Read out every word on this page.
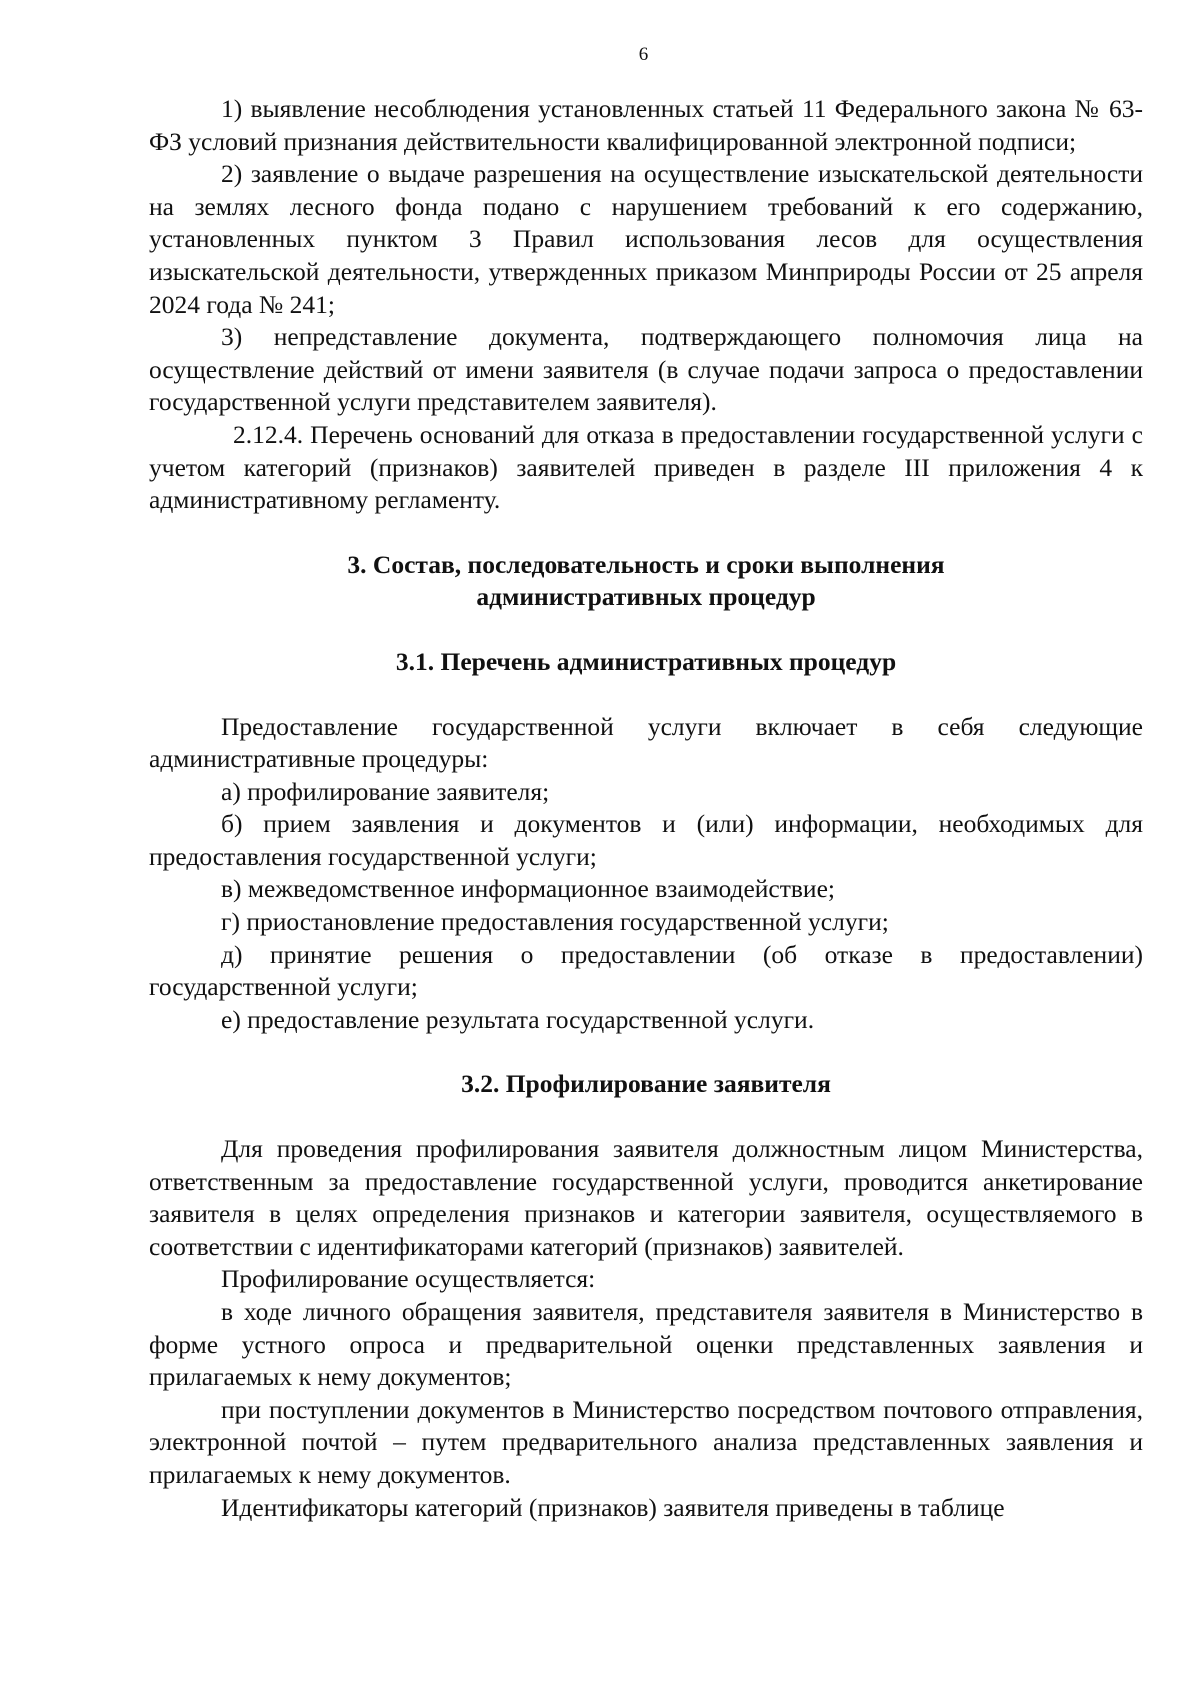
6

1) выявление несоблюдения установленных статьей 11 Федерального закона № 63-ФЗ условий признания действительности квалифицированной электронной подписи;

2) заявление о выдаче разрешения на осуществление изыскательской деятельности на землях лесного фонда подано с нарушением требований к его содержанию, установленных пунктом 3 Правил использования лесов для осуществления изыскательской деятельности, утвержденных приказом Минприроды России от 25 апреля 2024 года № 241;

3) непредставление документа, подтверждающего полномочия лица на осуществление действий от имени заявителя (в случае подачи запроса о предоставлении государственной услуги представителем заявителя).

2.12.4. Перечень оснований для отказа в предоставлении государственной услуги с учетом категорий (признаков) заявителей приведен в разделе III приложения 4 к административному регламенту.

3. Состав, последовательность и сроки выполнения
административных процедур
3.1. Перечень административных процедур

Предоставление государственной услуги включает в себя следующие административные процедуры:

а) профилирование заявителя;

б) прием заявления и документов и (или) информации, необходимых для предоставления государственной услуги;

в) межведомственное информационное взаимодействие;

г) приостановление предоставления государственной услуги;

д) принятие решения о предоставлении (об отказе в предоставлении) государственной услуги;

е) предоставление результата государственной услуги.

3.2. Профилирование заявителя

Для проведения профилирования заявителя должностным лицом Министерства, ответственным за предоставление государственной услуги, проводится анкетирование заявителя в целях определения признаков и категории заявителя, осуществляемого в соответствии с идентификаторами категорий (признаков) заявителей.

Профилирование осуществляется:

в ходе личного обращения заявителя, представителя заявителя в Министерство в форме устного опроса и предварительной оценки представленных заявления и прилагаемых к нему документов;

при поступлении документов в Министерство посредством почтового отправления, электронной почтой – путем предварительного анализа представленных заявления и прилагаемых к нему документов.

Идентификаторы категорий (признаков) заявителя приведены в таблице
